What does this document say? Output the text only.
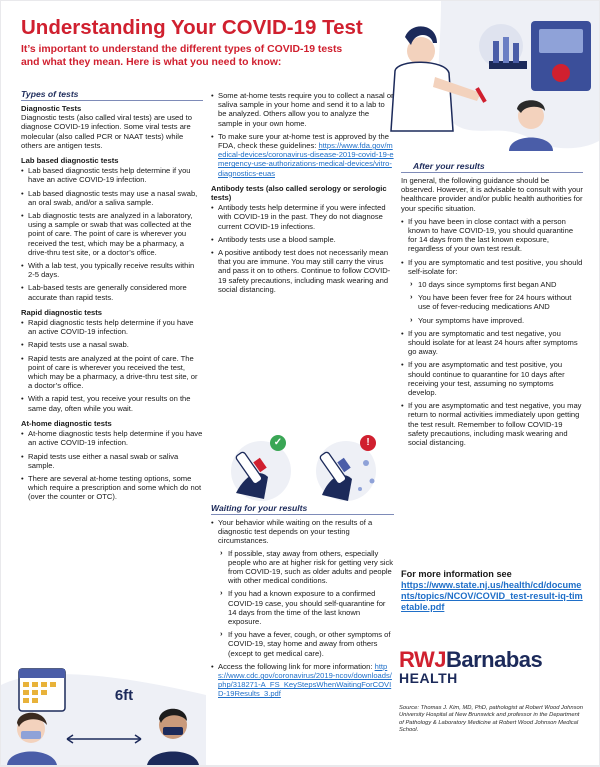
Understanding Your COVID-19 Test
It’s important to understand the different types of COVID-19 tests and what they mean. Here is what you need to know:
Types of tests
Diagnostic Tests
Diagnostic tests (also called viral tests) are used to diagnose COVID-19 infection. Some viral tests are molecular (also called PCR or NAAT tests) while others are antigen tests.
Lab based diagnostic tests
• Lab based diagnostic tests help determine if you have an active COVID-19 infection.
• Lab based diagnostic tests may use a nasal swab, an oral swab, and/or a saliva sample.
• Lab diagnostic tests are analyzed in a laboratory, using a sample or swab that was collected at the point of care. The point of care is wherever you received the test, which may be a pharmacy, a drive-thru test site, or a doctor’s office.
• With a lab test, you typically receive results within 2-5 days.
• Lab-based tests are generally considered more accurate than rapid tests.
Rapid diagnostic tests
• Rapid diagnostic tests help determine if you have an active COVID-19 infection.
• Rapid tests use a nasal swab.
• Rapid tests are analyzed at the point of care. The point of care is wherever you received the test, which may be a pharmacy, a drive-thru test site, or a doctor’s office.
• With a rapid test, you receive your results on the same day, often while you wait.
At-home diagnostic tests
• At-home diagnostic tests help determine if you have an active COVID-19 infection.
• Rapid tests use either a nasal swab or saliva sample.
• There are several at-home testing options, some which require a prescription and some which do not (over the counter or OTC).
6ft
• Some at-home tests require you to collect a nasal or saliva sample in your home and send it to a lab to be analyzed. Others allow you to analyze the sample in your own home.
• To make sure your at-home test is approved by the FDA, check these guidelines: https://www.fda.gov/medical-devices/coronavirus-disease-2019-covid-19-emergency-use-authorizations-medical-devices/vitro-diagnostics-euas
Antibody tests (also called serology or serologic tests)
• Antibody tests help determine if you were infected with COVID-19 in the past. They do not diagnose current COVID-19 infections.
• Antibody tests use a blood sample.
• A positive antibody test does not necessarily mean that you are immune. You may still carry the virus and pass it on to others. Continue to follow COVID-19 safety precautions, including mask wearing and social distancing.
✓	!
Waiting for your results
• Your behavior while waiting on the results of a diagnostic test depends on your testing circumstances.
› If possible, stay away from others, especially people who are at higher risk for getting very sick from COVID-19, such as older adults and people with other medical conditions.
› If you had a known exposure to a confirmed COVID-19 case, you should self-quarantine for 14 days from the time of the last known exposure.
› If you have a fever, cough, or other symptoms of COVID-19, stay home and away from others (except to get medical care).
• Access the following link for more information: https://www.cdc.gov/coronavirus/2019-ncov/downloads/php/318271-A_FS_KeyStepsWhenWaitingForCOVID-19Results_3.pdf
After your results
In general, the following guidance should be observed. However, it is advisable to consult with your healthcare provider and/or public health authorities for your specific situation.
• If you have been in close contact with a person known to have COVID-19, you should quarantine for 14 days from the last known exposure, regardless of your own test result.
• If you are symptomatic and test positive, you should self-isolate for:
› 10 days since symptoms first began AND
› You have been fever free for 24 hours without use of fever-reducing medications AND
› Your symptoms have improved.
• If you are symptomatic and test negative, you should isolate for at least 24 hours after symptoms go away.
• If you are asymptomatic and test positive, you should continue to quarantine for 10 days after receiving your test, assuming no symptoms develop.
• If you are asymptomatic and test negative, you may return to normal activities immediately upon getting the test result. Remember to follow COVID-19 safety precautions, including mask wearing and social distancing.
For more information see
https://www.state.nj.us/health/cd/documents/topics/NCOV/COVID_test-result-iq-timetable.pdf
RWJBarnabas
HEALTH
Source: Thomas J. Kim, MD, PhD, pathologist at Robert Wood Johnson University Hospital at New Brunswick and professor in the Department of Pathology & Laboratory Medicine at Robert Wood Johnson Medical School.
